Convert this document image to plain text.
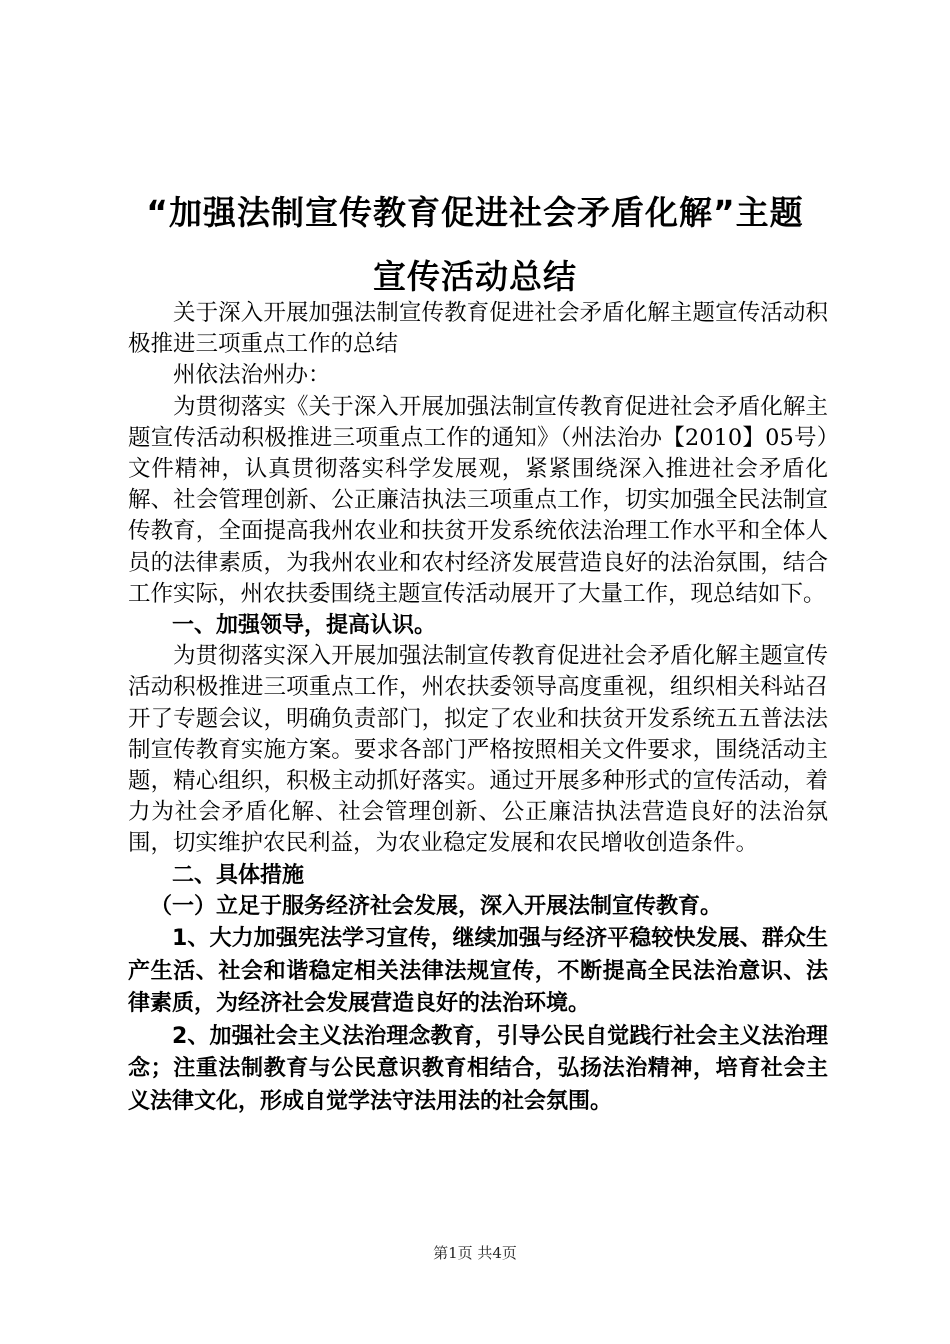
“加强法制宣传教育促进社会矛盾化解”主题
宣传活动总结

关于深入开展加强法制宣传教育促进社会矛盾化解主题宣传活动积极推进三项重点工作的总结

州依法治州办：

为贯彻落实《关于深入开展加强法制宣传教育促进社会矛盾化解主题宣传活动积极推进三项重点工作的通知》（州法治办【2010】05号）文件精神，认真贯彻落实科学发展观，紧紧围绕深入推进社会矛盾化解、社会管理创新、公正廉洁执法三项重点工作，切实加强全民法制宣传教育，全面提高我州农业和扶贫开发系统依法治理工作水平和全体人员的法律素质，为我州农业和农村经济发展营造良好的法治氛围，结合工作实际，州农扶委围绕主题宣传活动展开了大量工作，现总结如下。

一、加强领导，提高认识。

为贯彻落实深入开展加强法制宣传教育促进社会矛盾化解主题宣传活动积极推进三项重点工作，州农扶委领导高度重视，组织相关科站召开了专题会议，明确负责部门，拟定了农业和扶贫开发系统五五普法法制宣传教育实施方案。要求各部门严格按照相关文件要求，围绕活动主题，精心组织，积极主动抓好落实。通过开展多种形式的宣传活动，着力为社会矛盾化解、社会管理创新、公正廉洁执法营造良好的法治氛围，切实维护农民利益，为农业稳定发展和农民增收创造条件。

二、具体措施

（一）立足于服务经济社会发展，深入开展法制宣传教育。

1、大力加强宪法学习宣传，继续加强与经济平稳较快发展、群众生产生活、社会和谐稳定相关法律法规宣传，不断提高全民法治意识、法律素质，为经济社会发展营造良好的法治环境。

2、加强社会主义法治理念教育，引导公民自觉践行社会主义法治理念；注重法制教育与公民意识教育相结合，弘扬法治精神，培育社会主义法律文化，形成自觉学法守法用法的社会氛围。

第1页 共4页
